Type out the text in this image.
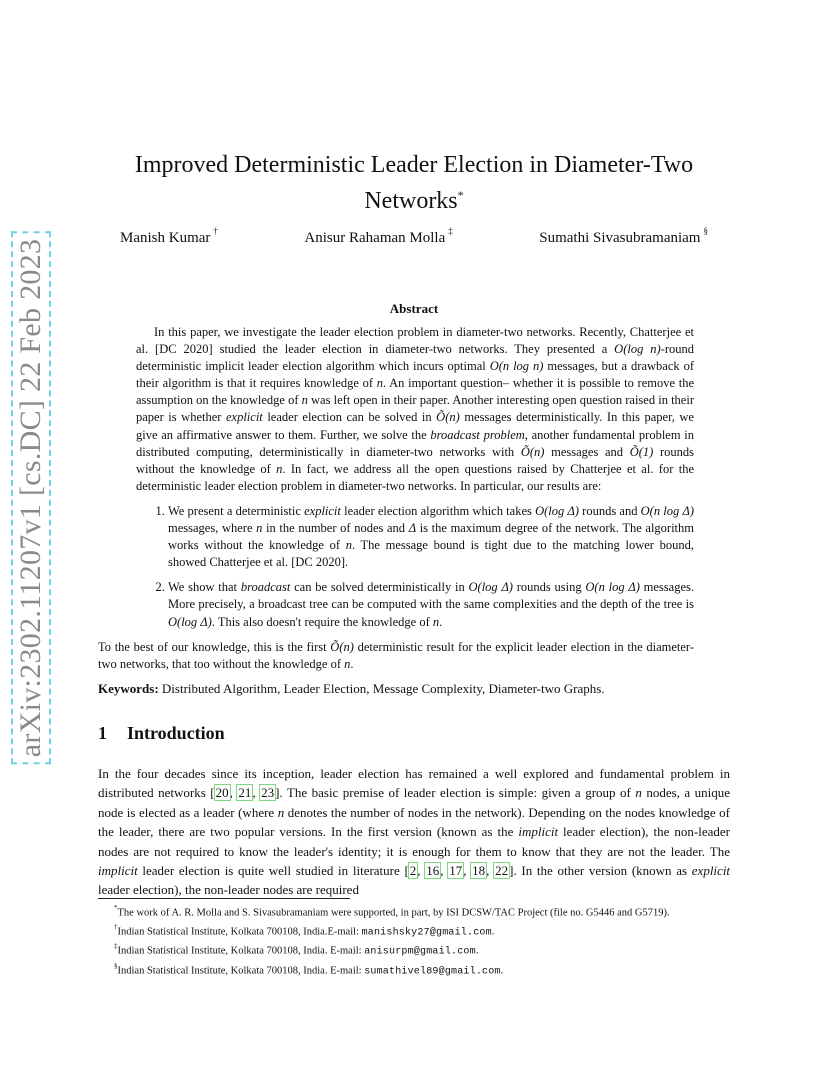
arXiv:2302.11207v1 [cs.DC] 22 Feb 2023
Improved Deterministic Leader Election in Diameter-Two Networks*
Manish Kumar †	Anisur Rahaman Molla ‡	Sumathi Sivasubramaniam §
Abstract

In this paper, we investigate the leader election problem in diameter-two networks. Recently, Chatterjee et al. [DC 2020] studied the leader election in diameter-two networks. They presented a O(log n)-round deterministic implicit leader election algorithm which incurs optimal O(n log n) messages, but a drawback of their algorithm is that it requires knowledge of n. An important question– whether it is possible to remove the assumption on the knowledge of n was left open in their paper. Another interesting open question raised in their paper is whether explicit leader election can be solved in Õ(n) messages deterministically. In this paper, we give an affirmative answer to them. Further, we solve the broadcast problem, another fundamental problem in distributed computing, deterministically in diameter-two networks with Õ(n) messages and Õ(1) rounds without the knowledge of n. In fact, we address all the open questions raised by Chatterjee et al. for the deterministic leader election problem in diameter-two networks. In particular, our results are:

1. We present a deterministic explicit leader election algorithm which takes O(log Δ) rounds and O(n log Δ) messages, where n in the number of nodes and Δ is the maximum degree of the network. The algorithm works without the knowledge of n. The message bound is tight due to the matching lower bound, showed Chatterjee et al. [DC 2020].
2. We show that broadcast can be solved deterministically in O(log Δ) rounds using O(n log Δ) messages. More precisely, a broadcast tree can be computed with the same complexities and the depth of the tree is O(log Δ). This also doesn't require the knowledge of n.

To the best of our knowledge, this is the first Õ(n) deterministic result for the explicit leader election in the diameter-two networks, that too without the knowledge of n.

Keywords: Distributed Algorithm, Leader Election, Message Complexity, Diameter-two Graphs.
1 Introduction

In the four decades since its inception, leader election has remained a well explored and fundamental problem in distributed networks [20, 21, 23]. The basic premise of leader election is simple: given a group of n nodes, a unique node is elected as a leader (where n denotes the number of nodes in the network). Depending on the nodes knowledge of the leader, there are two popular versions. In the first version (known as the implicit leader election), the non-leader nodes are not required to know the leader's identity; it is enough for them to know that they are not the leader. The implicit leader election is quite well studied in literature [2, 16, 17, 18, 22]. In the other version (known as explicit leader election), the non-leader nodes are required

*The work of A. R. Molla and S. Sivasubramaniam were supported, in part, by ISI DCSW/TAC Project (file no. G5446 and G5719).

†Indian Statistical Institute, Kolkata 700108, India.E-mail: manishsky27@gmail.com.

‡Indian Statistical Institute, Kolkata 700108, India. E-mail: anisurpm@gmail.com.

§Indian Statistical Institute, Kolkata 700108, India. E-mail: sumathivel89@gmail.com.
